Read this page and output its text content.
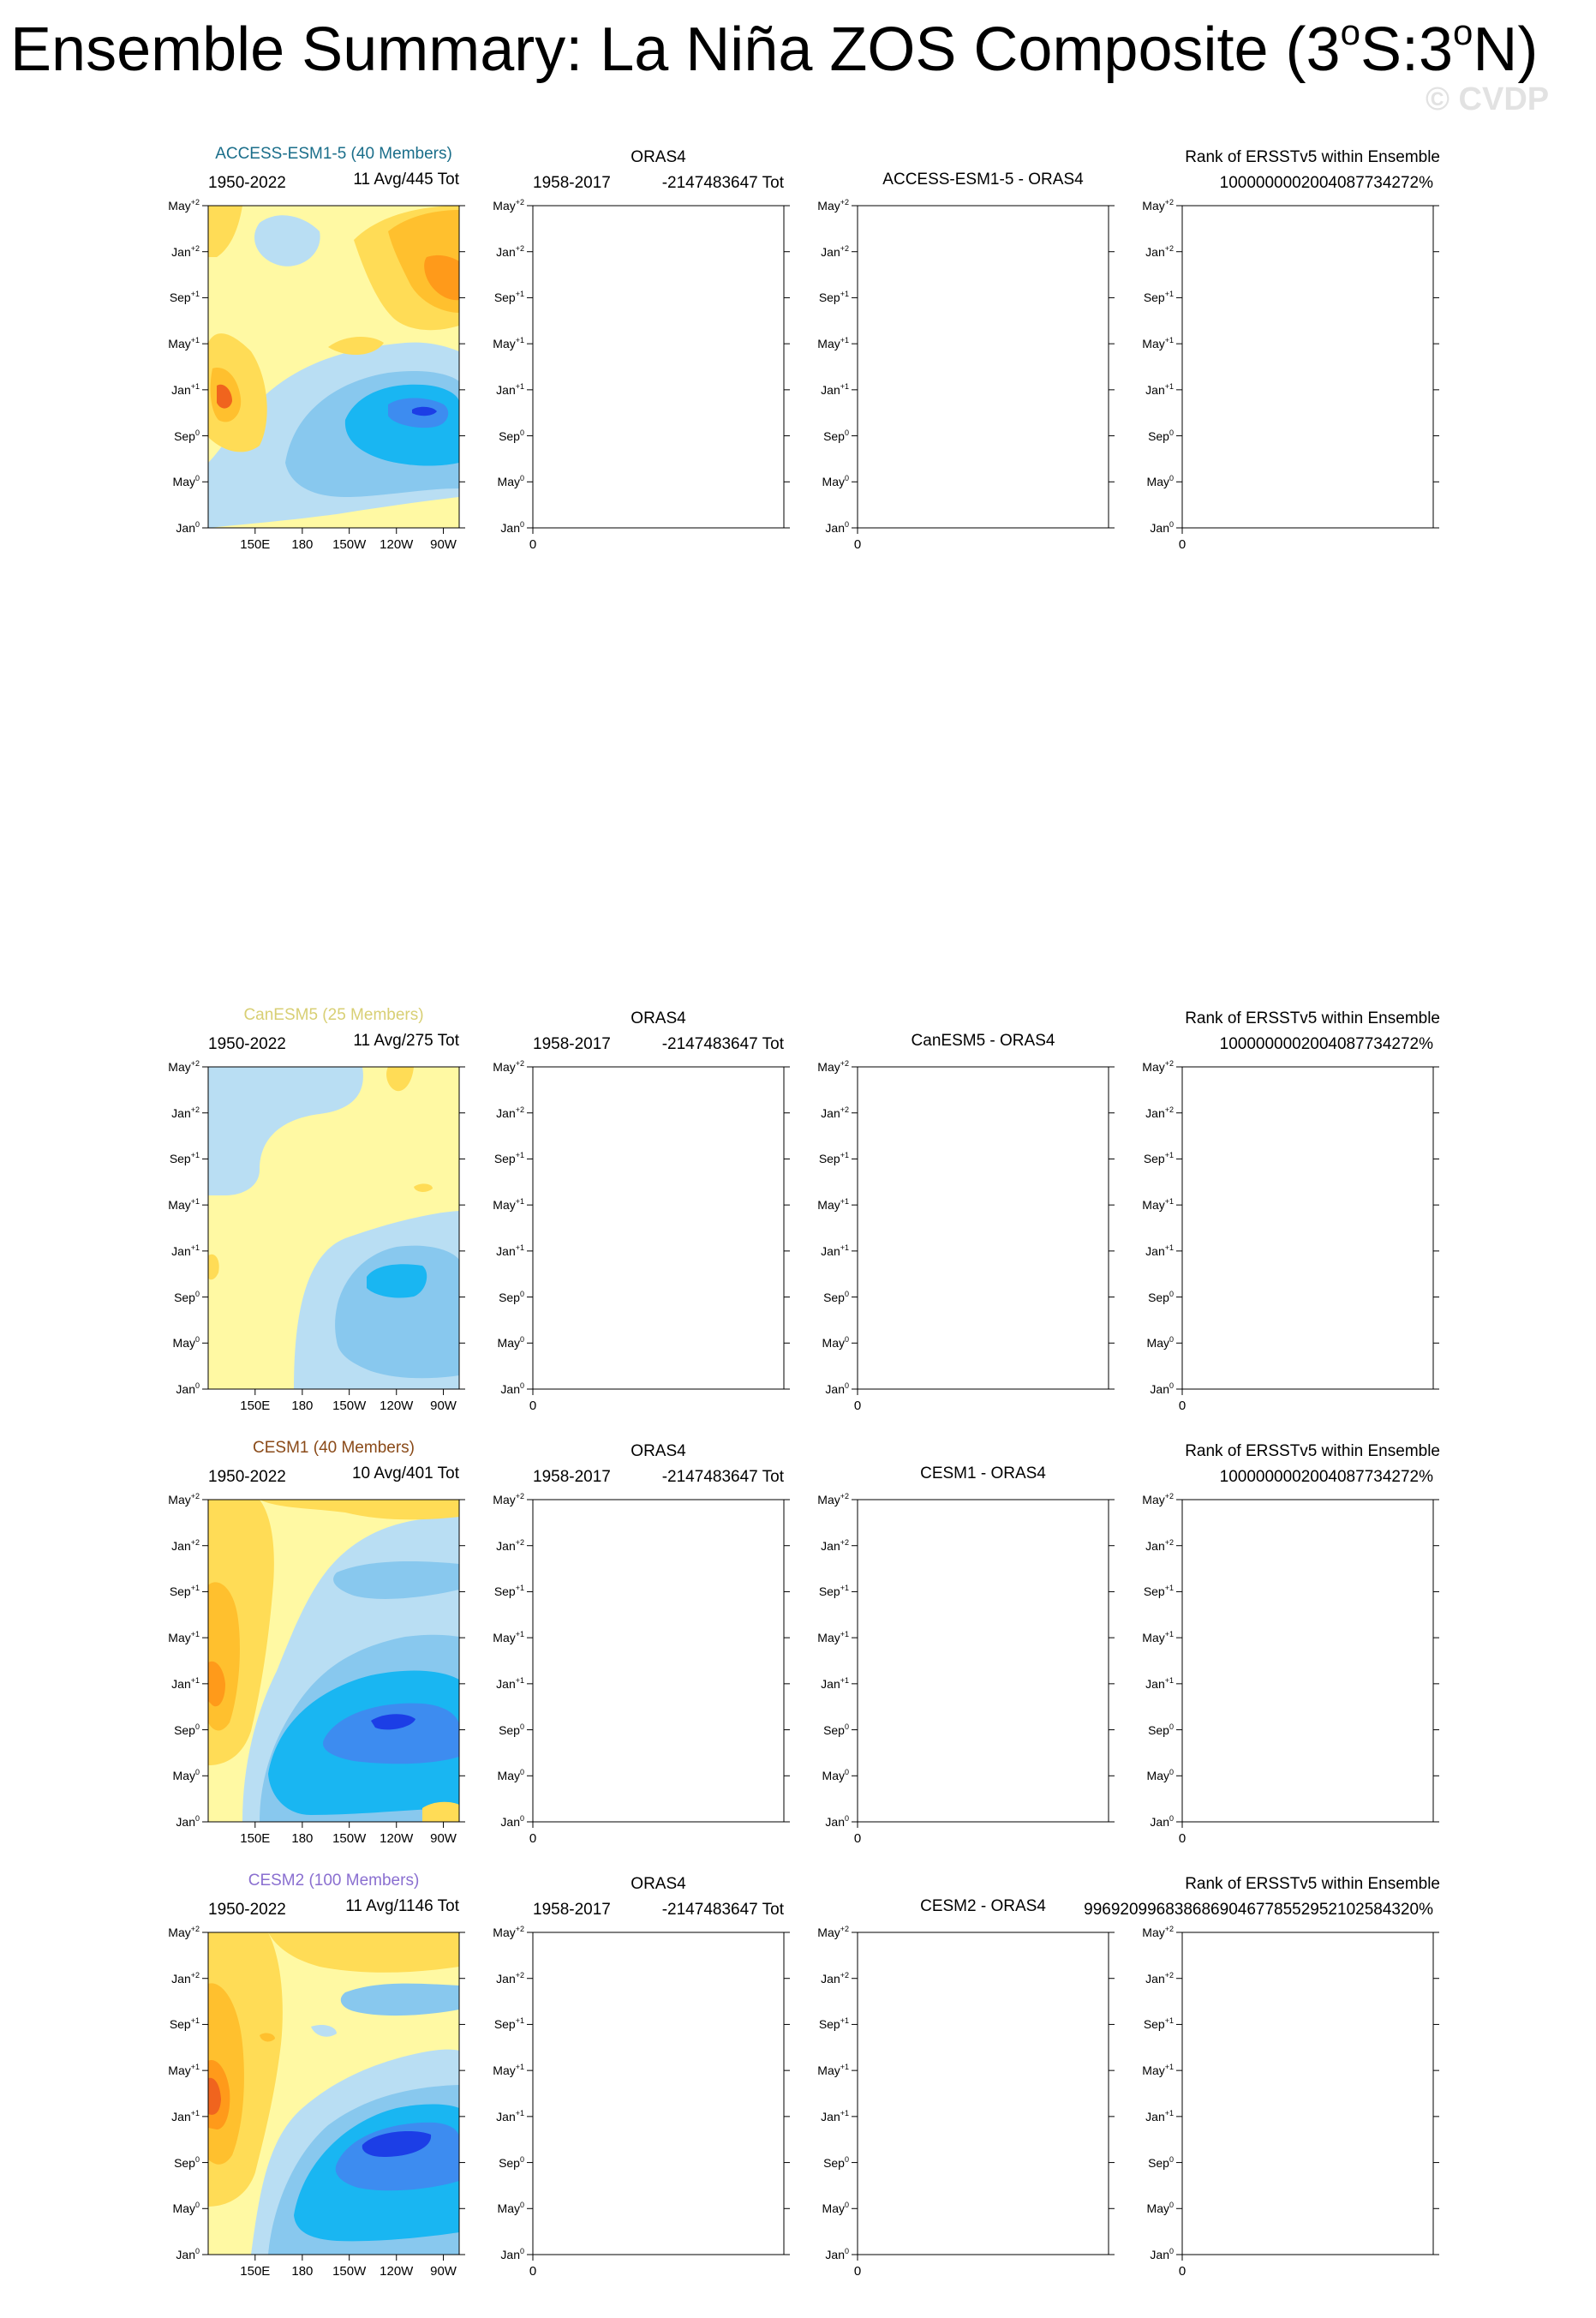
Ensemble Summary: La Niña ZOS Composite (3$^o$S:3$^o$N)
© CVDP
ACCESS-ESM1-5 (40 Members)
1950-2022	11 Avg/445 Tot
ORAS4
1958-2017	-2147483647 Tot	ACCESS-ESM1-5 - ORAS4
Rank of ERSSTv5 within Ensemble
1000000002004087734272%
May$^{+2}$
Jan$^{+2}$
Sep$^{+1}$
May$^{+1}$
Jan$^{+1}$
Sep$^0$
May$^0$
Jan$^0$
May$^{+2}$
Jan$^{+2}$
Sep$^{+1}$
May$^{+1}$
Jan$^{+1}$
Sep$^0$
May$^0$
Jan$^0$
May$^{+2}$
Jan$^{+2}$
Sep$^{+1}$
May$^{+1}$
Jan$^{+1}$
Sep$^0$
May$^0$
Jan$^0$
May$^{+2}$
Jan$^{+2}$
Sep$^{+1}$
May$^{+1}$
Jan$^{+1}$
Sep$^0$
May$^0$
Jan$^0$
150E 180 150W 120W 90W	0	0	0
CanESM5 (25 Members)
1950-2022	11 Avg/275 Tot
ORAS4
1958-2017	-2147483647 Tot	CanESM5 - ORAS4
Rank of ERSSTv5 within Ensemble
1000000002004087734272%
May$^{+2}$
Jan$^{+2}$
Sep$^{+1}$
May$^{+1}$
Jan$^{+1}$
Sep$^0$
May$^0$
Jan$^0$
May$^{+2}$
Jan$^{+2}$
Sep$^{+1}$
May$^{+1}$
Jan$^{+1}$
Sep$^0$
May$^0$
Jan$^0$
May$^{+2}$
Jan$^{+2}$
Sep$^{+1}$
May$^{+1}$
Jan$^{+1}$
Sep$^0$
May$^0$
Jan$^0$
May$^{+2}$
Jan$^{+2}$
Sep$^{+1}$
May$^{+1}$
Jan$^{+1}$
Sep$^0$
May$^0$
Jan$^0$
150E 180 150W 120W 90W	0	0	0
CESM1 (40 Members)
1950-2022	10 Avg/401 Tot
ORAS4
1958-2017	-2147483647 Tot	CESM1 - ORAS4
Rank of ERSSTv5 within Ensemble
1000000002004087734272%
May$^{+2}$
Jan$^{+2}$
Sep$^{+1}$
May$^{+1}$
Jan$^{+1}$
Sep$^0$
May$^0$
Jan$^0$
May$^{+2}$
Jan$^{+2}$
Sep$^{+1}$
May$^{+1}$
Jan$^{+1}$
Sep$^0$
May$^0$
Jan$^0$
May$^{+2}$
Jan$^{+2}$
Sep$^{+1}$
May$^{+1}$
Jan$^{+1}$
Sep$^0$
May$^0$
Jan$^0$
May$^{+2}$
Jan$^{+2}$
Sep$^{+1}$
May$^{+1}$
Jan$^{+1}$
Sep$^0$
May$^0$
Jan$^0$
150E 180 150W 120W 90W	0	0	0
CESM2 (100 Members)
1950-2022	11 Avg/1146 Tot
ORAS4
1958-2017	-2147483647 Tot	CESM2 - ORAS4
Rank of ERSSTv5 within Ensemble
9969209968386869046778552952102584320%
May$^{+2}$
Jan$^{+2}$
Sep$^{+1}$
May$^{+1}$
Jan$^{+1}$
Sep$^0$
May$^0$
Jan$^0$
May$^{+2}$
Jan$^{+2}$
Sep$^{+1}$
May$^{+1}$
Jan$^{+1}$
Sep$^0$
May$^0$
Jan$^0$
May$^{+2}$
Jan$^{+2}$
Sep$^{+1}$
May$^{+1}$
Jan$^{+1}$
Sep$^0$
May$^0$
Jan$^0$
May$^{+2}$
Jan$^{+2}$
Sep$^{+1}$
May$^{+1}$
Jan$^{+1}$
Sep$^0$
May$^0$
Jan$^0$
150E 180 150W 120W 90W	0	0	0
